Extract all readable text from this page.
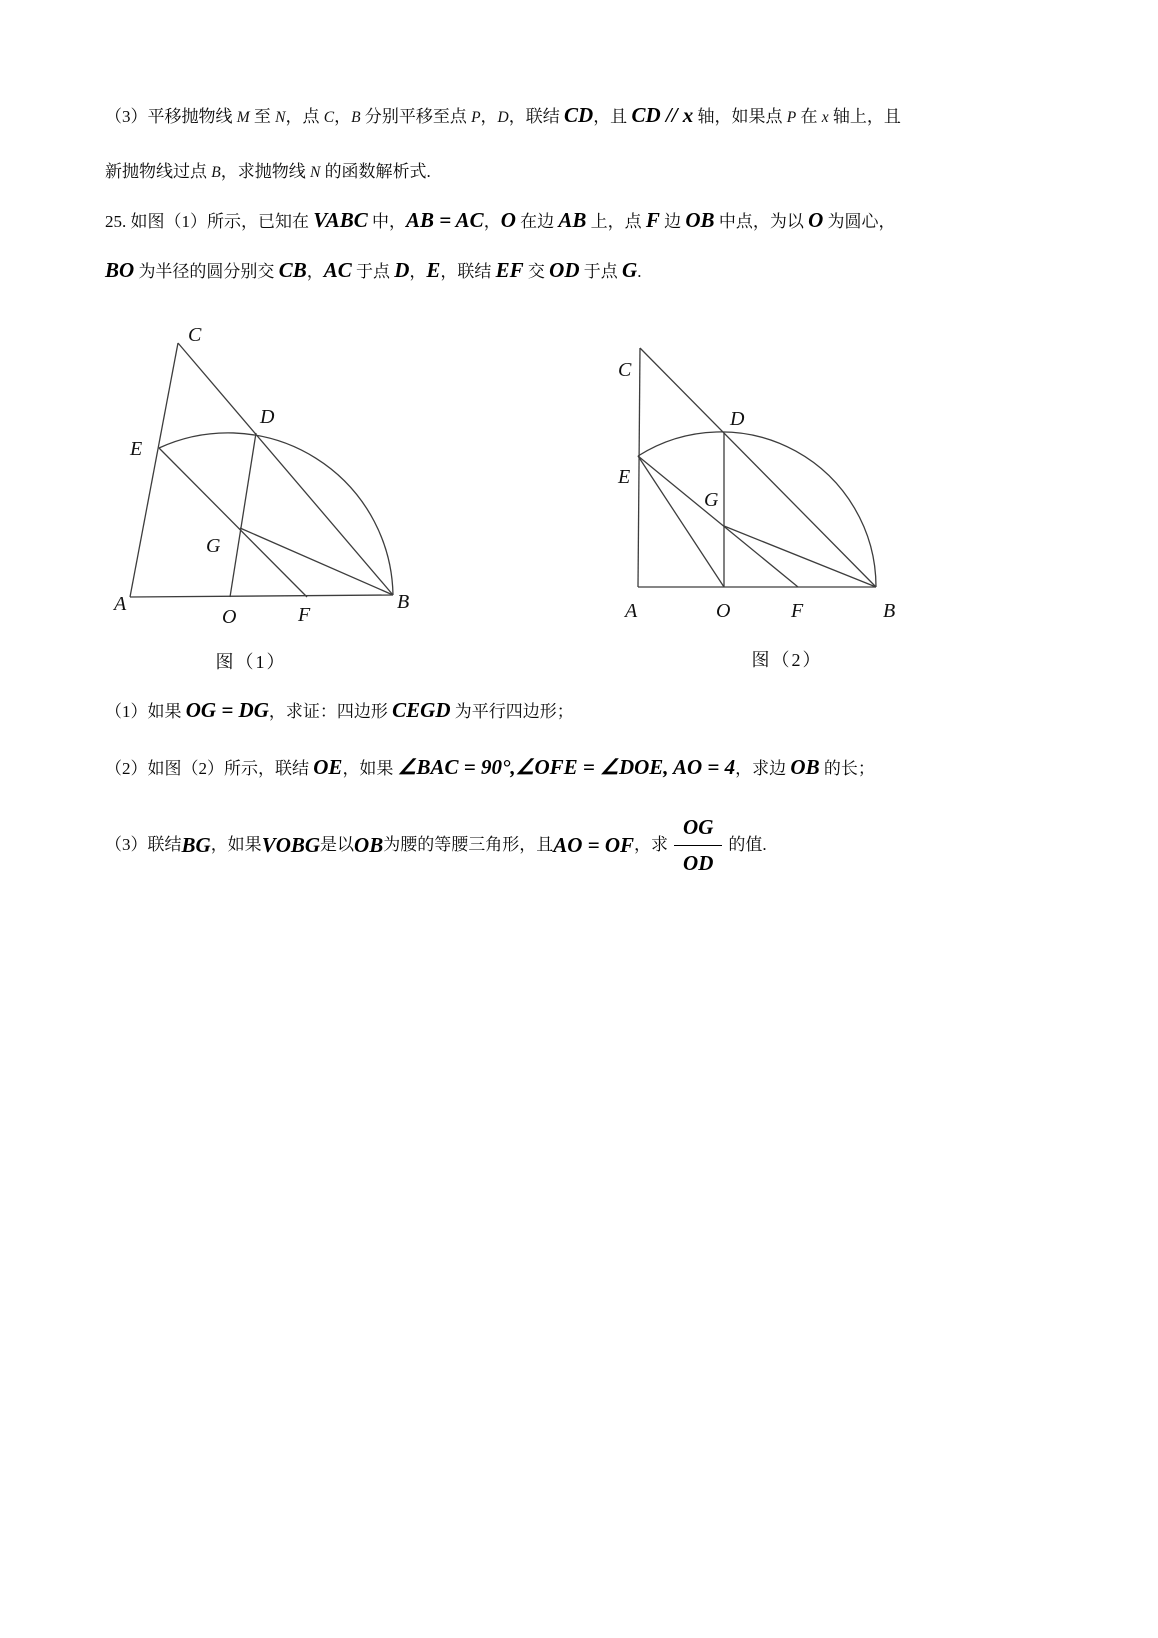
（3）平移抛物线 M 至 N，点 C，B 分别平移至点 P，D，联结 CD，且 CD // x 轴，如果点 P 在 x 轴上，且
新抛物线过点 B，求抛物线 N 的函数解析式.
25. 如图（1）所示，已知在 VABC 中，AB = AC，O 在边 AB 上，点 F 边 OB 中点，为以 O 为圆心，
BO 为半径的圆分别交 CB，AC 于点 D，E，联结 EF 交 OD 于点 G.
C
D
E
G
A
O	F
B
C
D
E
G
A	O	F	B
图（1）	图（2）
（1）如果 OG = DG，求证：四边形 CEGD 为平行四边形；
（2）如图（2）所示，联结 OE，如果 ∠BAC = 90°,∠OFE = ∠DOE, AO = 4，求边 OB 的长；
（3）联结 BG ，如果 VOBG 是以 OB 为腰的等腰三角形，且 AO = OF ，求 $\frac{OG}{OD}$ 的值.
